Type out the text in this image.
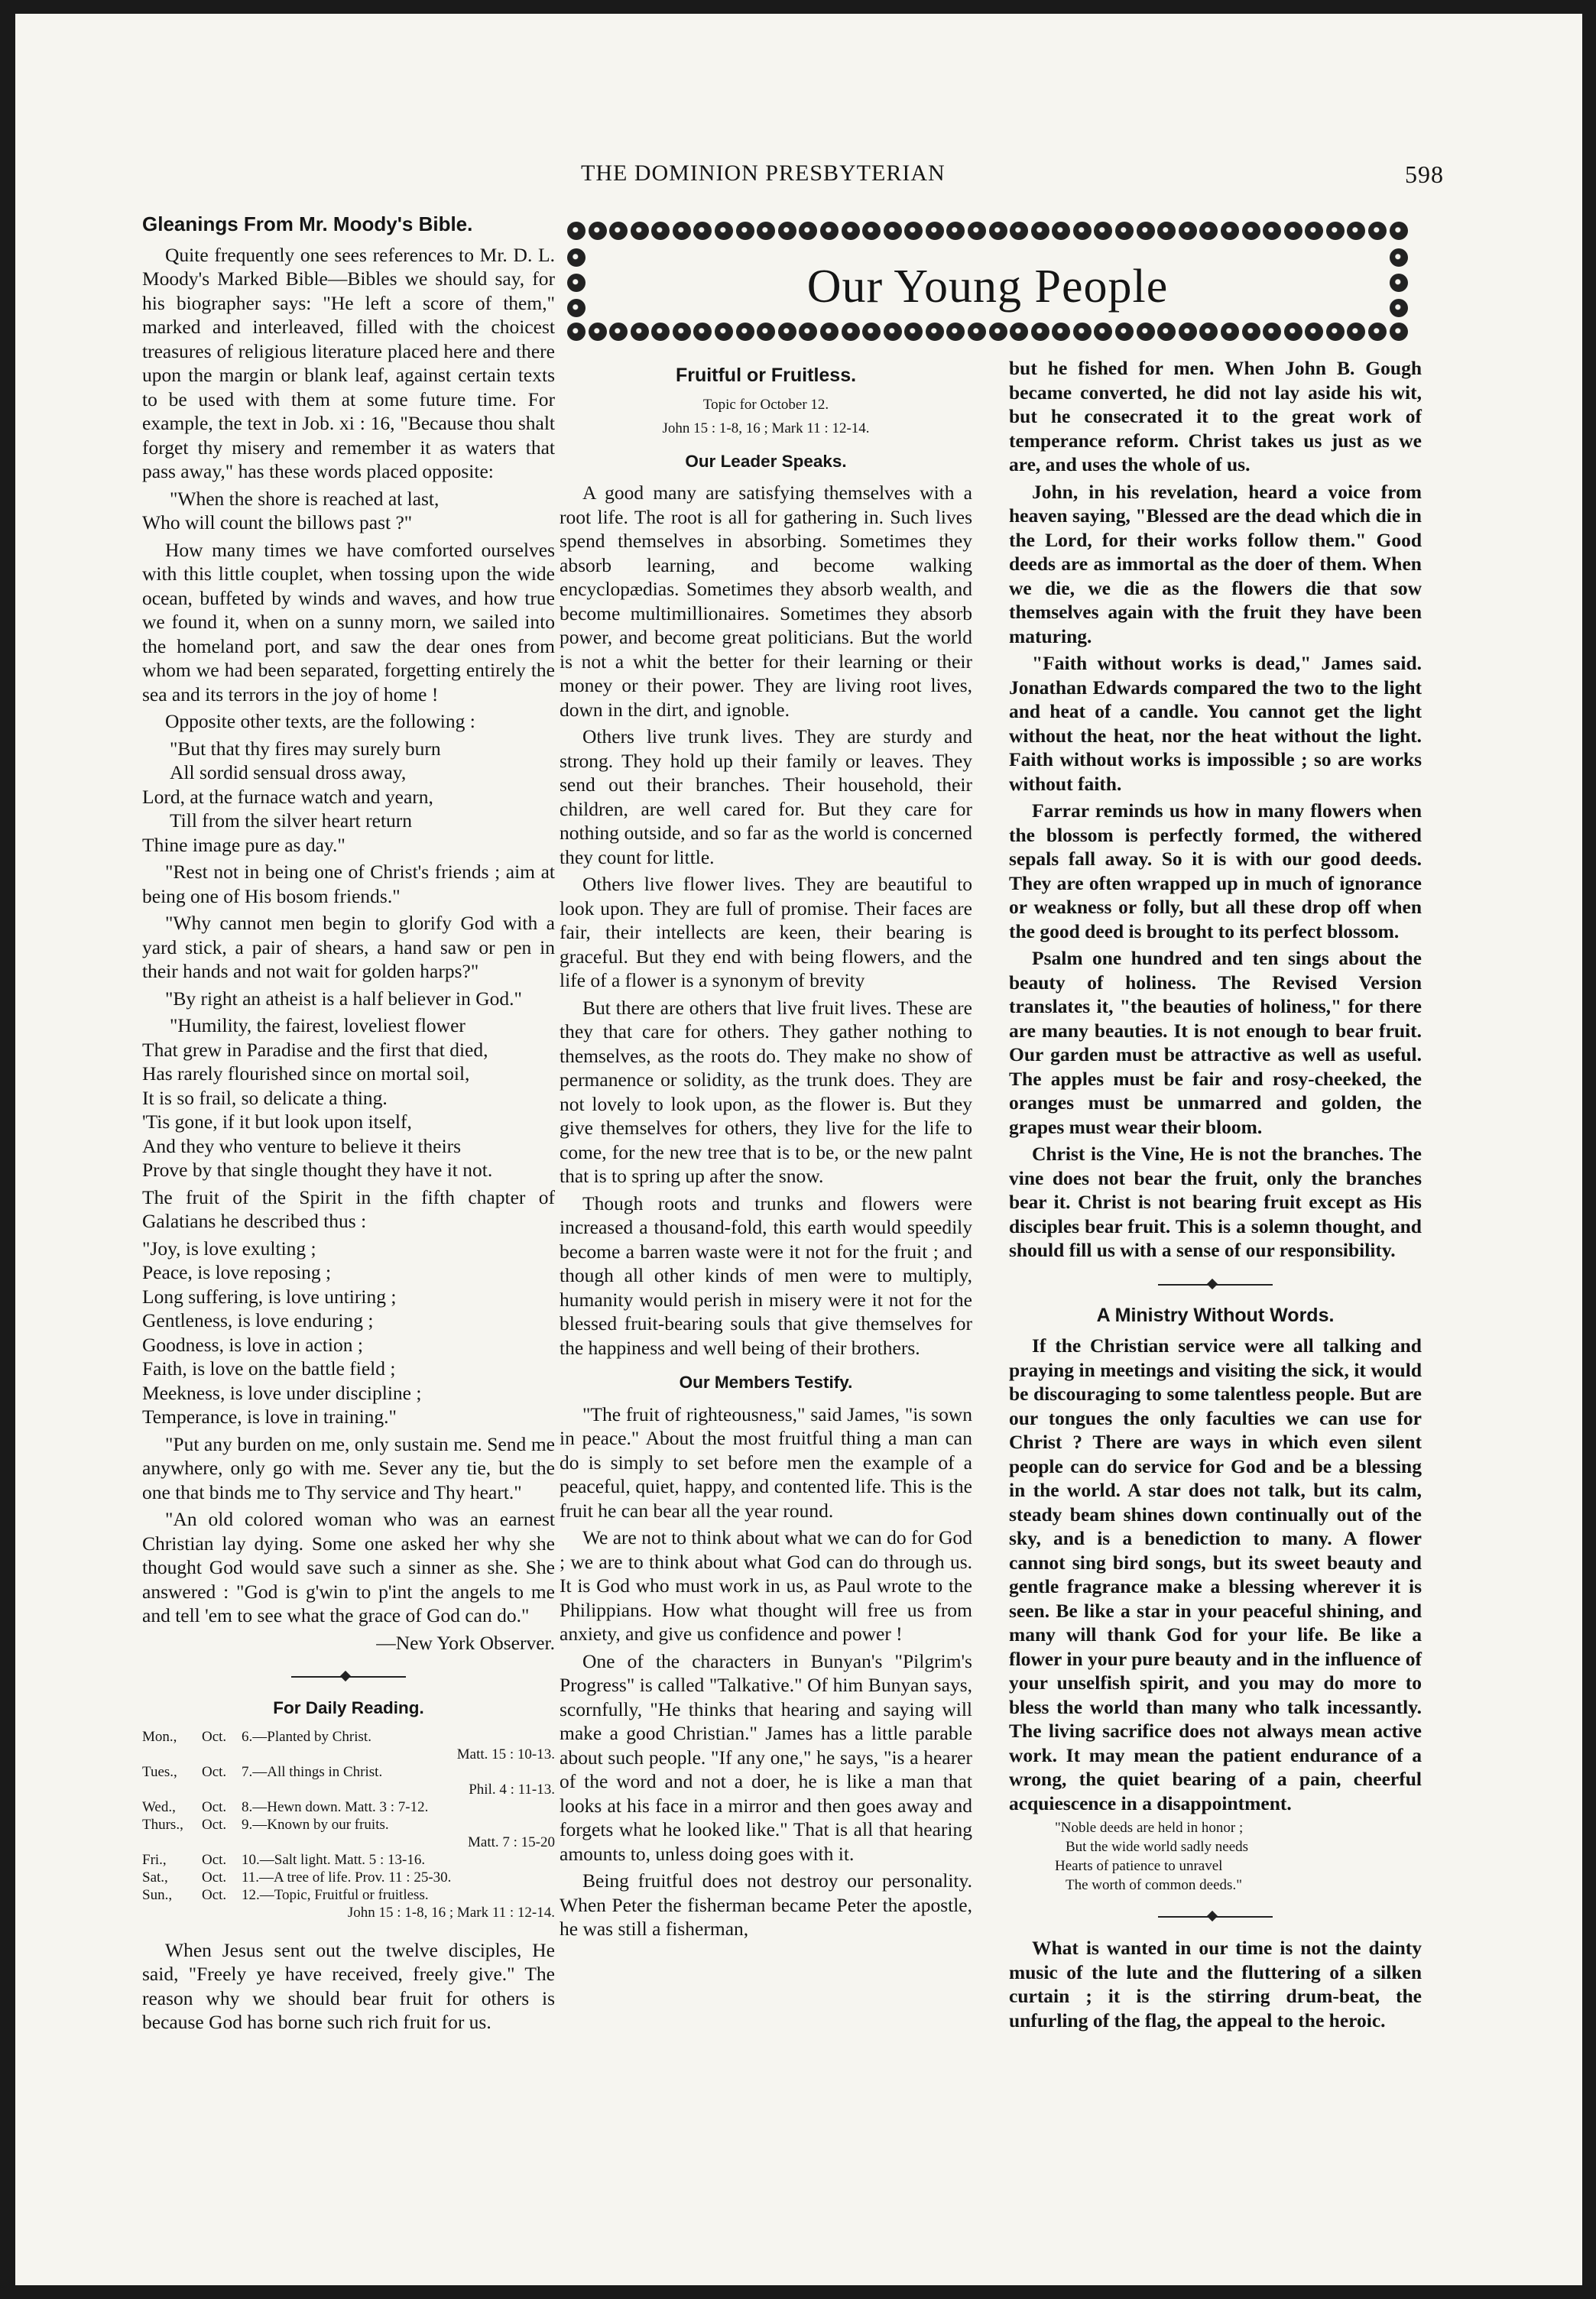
THE DOMINION PRESBYTERIAN	598
Gleanings From Mr. Moody's Bible.

Quite frequently one sees references to Mr. D. L. Moody's Marked Bible—Bibles we should say, for his biographer says: "He left a score of them," marked and interleaved, filled with the choicest treasures of religious literature placed here and there upon the margin or blank leaf, against certain texts to be used with them at some future time. For example, the text in Job. xi : 16, "Because thou shalt forget thy misery and remember it as waters that pass away," has these words placed opposite:

"When the shore is reached at last,
Who will count the billows past ?"

How many times we have comforted ourselves with this little couplet, when tossing upon the wide ocean, buffeted by winds and waves, and how true we found it, when on a sunny morn, we sailed into the homeland port, and saw the dear ones from whom we had been separated, forgetting entirely the sea and its terrors in the joy of home !

Opposite other texts, are the following :

"But that thy fires may surely burn
All sordid sensual dross away,
Lord, at the furnace watch and yearn,
Till from the silver heart return
Thine image pure as day."

"Rest not in being one of Christ's friends ; aim at being one of His bosom friends."

"Why cannot men begin to glorify God with a yard stick, a pair of shears, a hand saw or pen in their hands and not wait for golden harps?"

"By right an atheist is a half believer in God."

"Humility, the fairest, loveliest flower
That grew in Paradise and the first that died,
Has rarely flourished since on mortal soil,
It is so frail, so delicate a thing.
'Tis gone, if it but look upon itself,
And they who venture to believe it theirs
Prove by that single thought they have it not.

The fruit of the Spirit in the fifth chapter of Galatians he described thus :

"Joy, is love exulting ;
Peace, is love reposing ;
Long suffering, is love untiring ;
Gentleness, is love enduring ;
Goodness, is love in action ;
Faith, is love on the battle field ;
Meekness, is love under discipline ;
Temperance, is love in training."

"Put any burden on me, only sustain me. Send me anywhere, only go with me. Sever any tie, but the one that binds me to Thy service and Thy heart."

"An old colored woman who was an earnest Christian lay dying. Some one asked her why she thought God would save such a sinner as she. She answered : "God is g'win to p'int the angels to me and tell 'em to see what the grace of God can do."

—New York Observer.

For Daily Reading.
Mon.,	Oct.	6.—Planted by Christ.
Matt. 15 : 10-13.

Tues.,	Oct.	7.—All things in Christ.
Phil. 4 : 11-13.

Wed.,	Oct.	8.—Hewn down. Matt. 3 : 7-12.
Thurs.,	Oct.	9.—Known by our fruits.
Matt. 7 : 15-20

Fri.,	Oct.	10.—Salt light. Matt. 5 : 13-16.
Sat.,	Oct.	11.—A tree of life. Prov. 11 : 25-30.
Sun.,	Oct.	12.—Topic, Fruitful or fruitless.
John 15 : 1-8, 16 ; Mark 11 : 12-14.

When Jesus sent out the twelve disciples, He said, "Freely ye have received, freely give." The reason why we should bear fruit for others is because God has borne such rich fruit for us.

Our Young People
Fruitful or Fruitless.

Topic for October 12.

John 15 : 1-8, 16 ; Mark 11 : 12-14.

Our Leader Speaks.

A good many are satisfying themselves with a root life. The root is all for gathering in. Such lives spend themselves in absorbing. Sometimes they absorb learning, and become walking encyclopædias. Sometimes they absorb wealth, and become multimillionaires. Sometimes they absorb power, and become great politicians. But the world is not a whit the better for their learning or their money or their power. They are living root lives, down in the dirt, and ignoble.

Others live trunk lives. They are sturdy and strong. They hold up their family or leaves. They send out their branches. Their household, their children, are well cared for. But they care for nothing outside, and so far as the world is concerned they count for little.

Others live flower lives. They are beautiful to look upon. They are full of promise. Their faces are fair, their intellects are keen, their bearing is graceful. But they end with being flowers, and the life of a flower is a synonym of brevity

But there are others that live fruit lives. These are they that care for others. They gather nothing to themselves, as the roots do. They make no show of permanence or solidity, as the trunk does. They are not lovely to look upon, as the flower is. But they give themselves for others, they live for the life to come, for the new tree that is to be, or the new palnt that is to spring up after the snow.

Though roots and trunks and flowers were increased a thousand-fold, this earth would speedily become a barren waste were it not for the fruit ; and though all other kinds of men were to multiply, humanity would perish in misery were it not for the blessed fruit-bearing souls that give themselves for the happiness and well being of their brothers.

Our Members Testify.

"The fruit of righteousness," said James, "is sown in peace." About the most fruitful thing a man can do is simply to set before men the example of a peaceful, quiet, happy, and contented life. This is the fruit he can bear all the year round.

We are not to think about what we can do for God ; we are to think about what God can do through us. It is God who must work in us, as Paul wrote to the Philippians. How what thought will free us from anxiety, and give us confidence and power !

One of the characters in Bunyan's "Pilgrim's Progress" is called "Talkative." Of him Bunyan says, scornfully, "He thinks that hearing and saying will make a good Christian." James has a little parable about such people. "If any one," he says, "is a hearer of the word and not a doer, he is like a man that looks at his face in a mirror and then goes away and forgets what he looked like." That is all that hearing amounts to, unless doing goes with it.

Being fruitful does not destroy our personality. When Peter the fisherman became Peter the apostle, he was still a fisherman,

but he fished for men. When John B. Gough became converted, he did not lay aside his wit, but he consecrated it to the great work of temperance reform. Christ takes us just as we are, and uses the whole of us.

John, in his revelation, heard a voice from heaven saying, "Blessed are the dead which die in the Lord, for their works follow them." Good deeds are as immortal as the doer of them. When we die, we die as the flowers die that sow themselves again with the fruit they have been maturing.

"Faith without works is dead," James said. Jonathan Edwards compared the two to the light and heat of a candle. You cannot get the light without the heat, nor the heat without the light. Faith without works is impossible ; so are works without faith.

Farrar reminds us how in many flowers when the blossom is perfectly formed, the withered sepals fall away. So it is with our good deeds. They are often wrapped up in much of ignorance or weakness or folly, but all these drop off when the good deed is brought to its perfect blossom.

Psalm one hundred and ten sings about the beauty of holiness. The Revised Version translates it, "the beauties of holiness," for there are many beauties. It is not enough to bear fruit. Our garden must be attractive as well as useful. The apples must be fair and rosy-cheeked, the oranges must be unmarred and golden, the grapes must wear their bloom.

Christ is the Vine, He is not the branches. The vine does not bear the fruit, only the branches bear it. Christ is not bearing fruit except as His disciples bear fruit. This is a solemn thought, and should fill us with a sense of our responsibility.

A Ministry Without Words.

If the Christian service were all talking and praying in meetings and visiting the sick, it would be discouraging to some talentless people. But are our tongues the only faculties we can use for Christ ? There are ways in which even silent people can do service for God and be a blessing in the world. A star does not talk, but its calm, steady beam shines down continually out of the sky, and is a benediction to many. A flower cannot sing bird songs, but its sweet beauty and gentle fragrance make a blessing wherever it is seen. Be like a star in your peaceful shining, and many will thank God for your life. Be like a flower in your pure beauty and in the influence of your unselfish spirit, and you may do more to bless the world than many who talk incessantly. The living sacrifice does not always mean active work. It may mean the patient endurance of a wrong, the quiet bearing of a pain, cheerful acquiescence in a disappointment.

"Noble deeds are held in honor ;
But the wide world sadly needs
Hearts of patience to unravel
The worth of common deeds."

What is wanted in our time is not the dainty music of the lute and the fluttering of a silken curtain ; it is the stirring drum-beat, the unfurling of the flag, the appeal to the heroic.
